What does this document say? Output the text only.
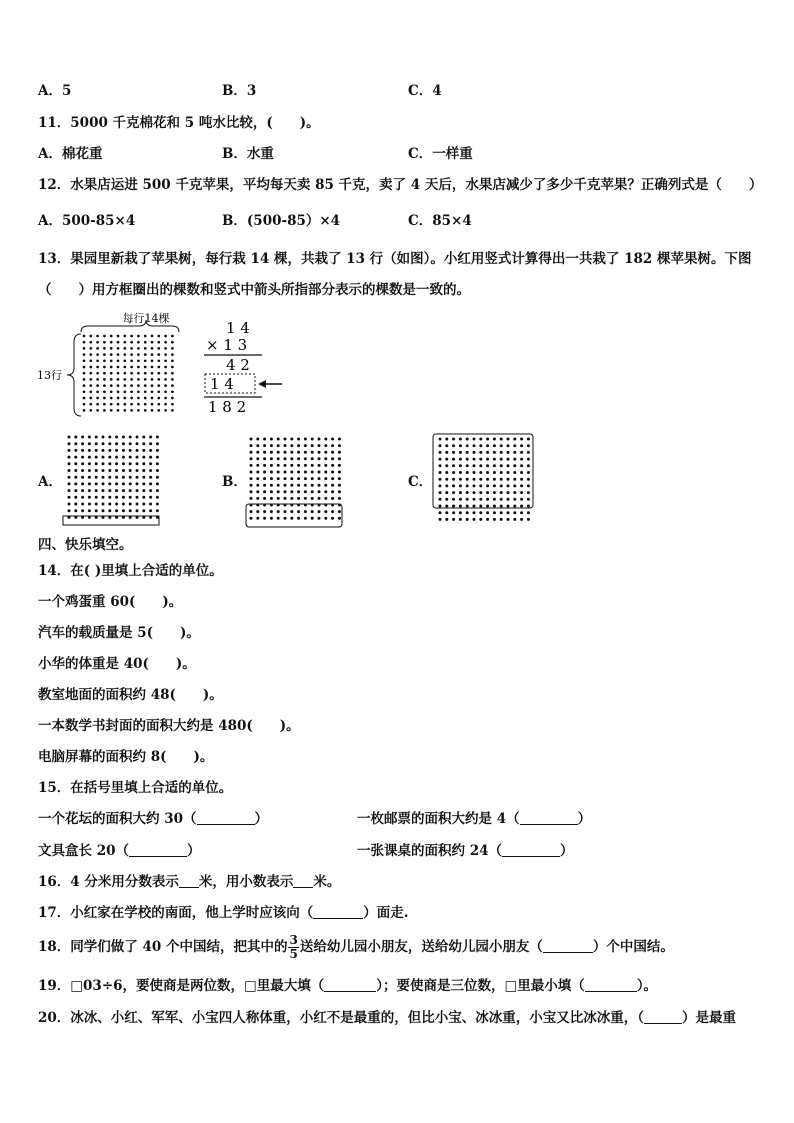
A．5	B．3	C．4
11．5000 千克棉花和 5 吨水比较，(　　)。
A．棉花重	B．水重	C．一样重
12．水果店运进 500 千克苹果，平均每天卖 85 千克，卖了 4 天后，水果店减少了多少千克苹果？正确列式是（　　）
A．500-85×4	B．(500-85）×4	C．85×4
13．果园里新栽了苹果树，每行栽 14 棵，共栽了 13 行（如图）。小红用竖式计算得出一共栽了 182 棵苹果树。下图
（　　）用方框圈出的棵数和竖式中箭头所指部分表示的棵数是一致的。
每行14棵
13行
1 4
× 1 3
4 2
1 4
1 8 2
A．	B．	C．
四、快乐填空。
14．在( )里填上合适的单位。
一个鸡蛋重 60(　　)。
汽车的载质量是 5(　　)。
小华的体重是 40(　　)。
教室地面的面积约 48(　　)。
一本数学书封面的面积大约是 480(　　)。
电脑屏幕的面积约 8(　　)。
15．在括号里填上合适的单位。
一个花坛的面积大约 30（	）	一枚邮票的面积大约是 4（	）
文具盒长 20（	）	一张课桌的面积约 24（	）
16．4 分米用分数表示 米，用小数表示 米。
17．小红家在学校的南面，他上学时应该向（	）面走.
18．同学们做了 40 个中国结，把其中的 $\frac{3}{5}$ 送给幼儿园小朋友，送给幼儿园小朋友（	）个中国结。
19．□03÷6，要使商是两位数，□里最大填（	）；要使商是三位数，□里最小填（	）。
20．冰冰、小红、军军、小宝四人称体重，小红不是最重的，但比小宝、冰冰重，小宝又比冰冰重，（	）是最重
